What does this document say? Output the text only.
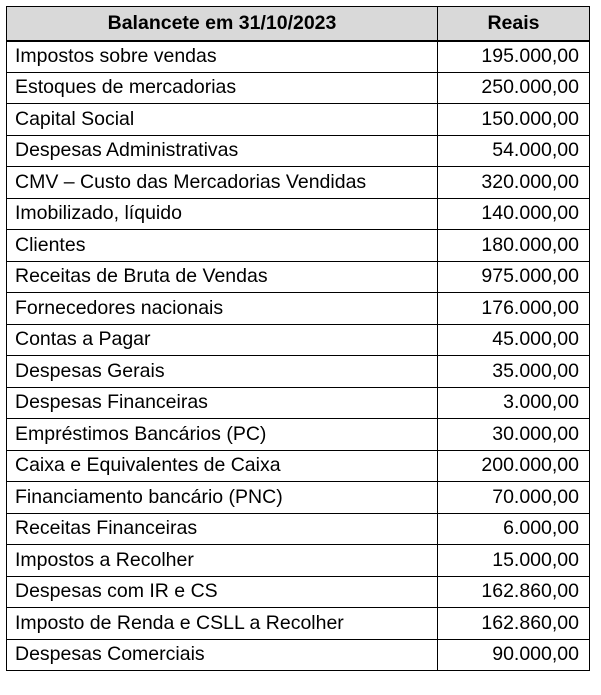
Balancete em 31/10/2023	Reais
Impostos sobre vendas	195.000,00
Estoques de mercadorias	250.000,00
Capital Social	150.000,00
Despesas Administrativas	54.000,00
CMV – Custo das Mercadorias Vendidas	320.000,00
Imobilizado, líquido	140.000,00
Clientes	180.000,00
Receitas de Bruta de Vendas	975.000,00
Fornecedores nacionais	176.000,00
Contas a Pagar	45.000,00
Despesas Gerais	35.000,00
Despesas Financeiras	3.000,00
Empréstimos Bancários (PC)	30.000,00
Caixa e Equivalentes de Caixa	200.000,00
Financiamento bancário (PNC)	70.000,00
Receitas Financeiras	6.000,00
Impostos a Recolher	15.000,00
Despesas com IR e CS	162.860,00
Imposto de Renda e CSLL a Recolher	162.860,00
Despesas Comerciais	90.000,00
